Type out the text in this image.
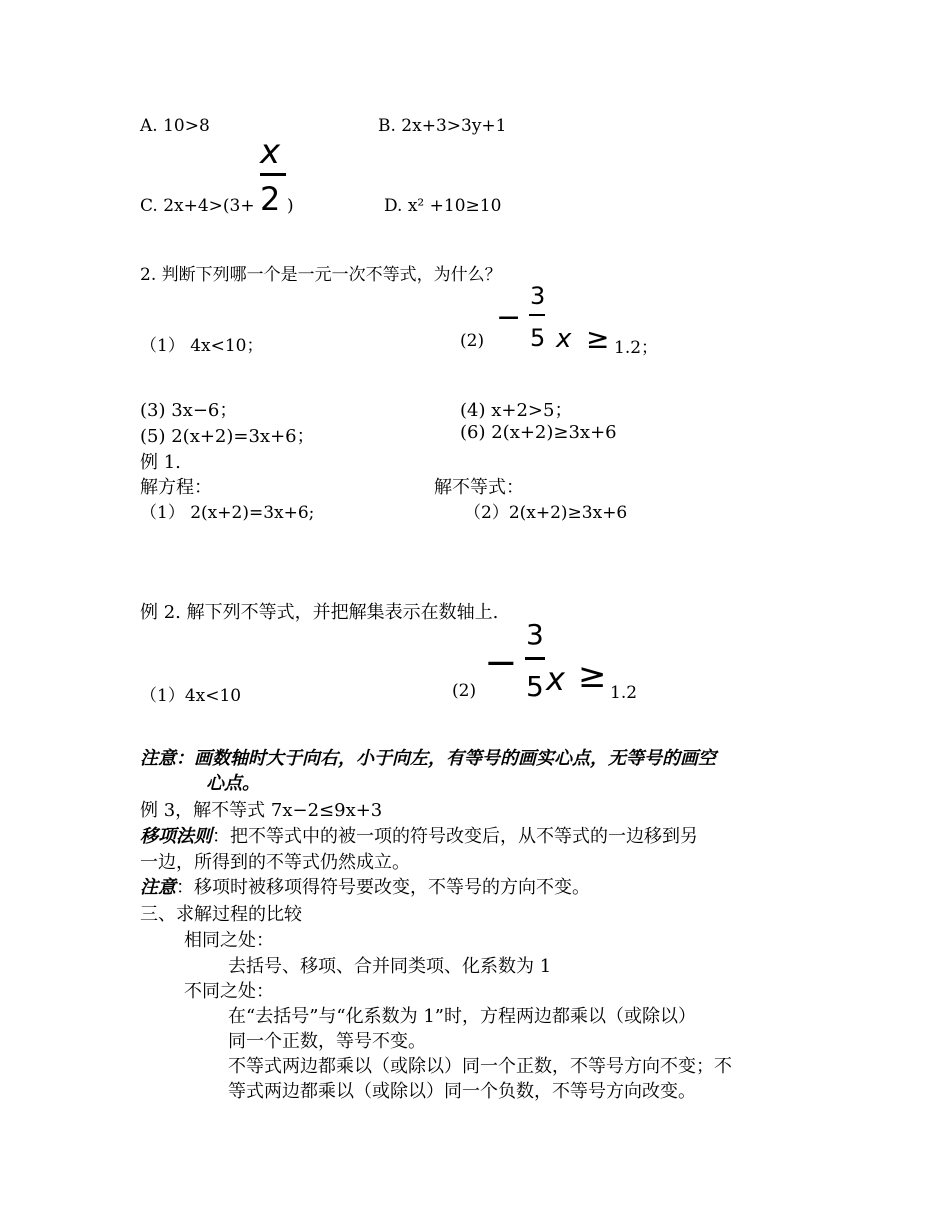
A. 10>8	B. 2x+3>3y+1
C. 2x+4>(3+
x
2 )	D. x² +10≥10
2. 判断下列哪一个是一元一次不等式，为什么？
（1） 4x<10；	(2)
−
3
5 x ≥ 1.2；
(3) 3x−6；	(4) x+2>5；
(5) 2(x+2)=3x+6；	(6) 2(x+2)≥3x+6
例 1.
解方程：	解不等式：
（1） 2(x+2)=3x+6;	（2）2(x+2)≥3x+6
例 2. 解下列不等式，并把解集表示在数轴上.
（1）4x<10	(2)
−
3
5 x ≥ 1.2
注意：画数轴时大于向右，小于向左，有等号的画实心点，无等号的画空
心点。
例 3，解不等式 7x−2≤9x+3
移项法则：把不等式中的被一项的符号改变后，从不等式的一边移到另
一边，所得到的不等式仍然成立。
注意：移项时被移项得符号要改变，不等号的方向不变。
三、求解过程的比较
相同之处：
去括号、移项、合并同类项、化系数为 1
不同之处：
在“去括号”与“化系数为 1”时，方程两边都乘以（或除以）
同一个正数，等号不变。
不等式两边都乘以（或除以）同一个正数，不等号方向不变；不
等式两边都乘以（或除以）同一个负数，不等号方向改变。
